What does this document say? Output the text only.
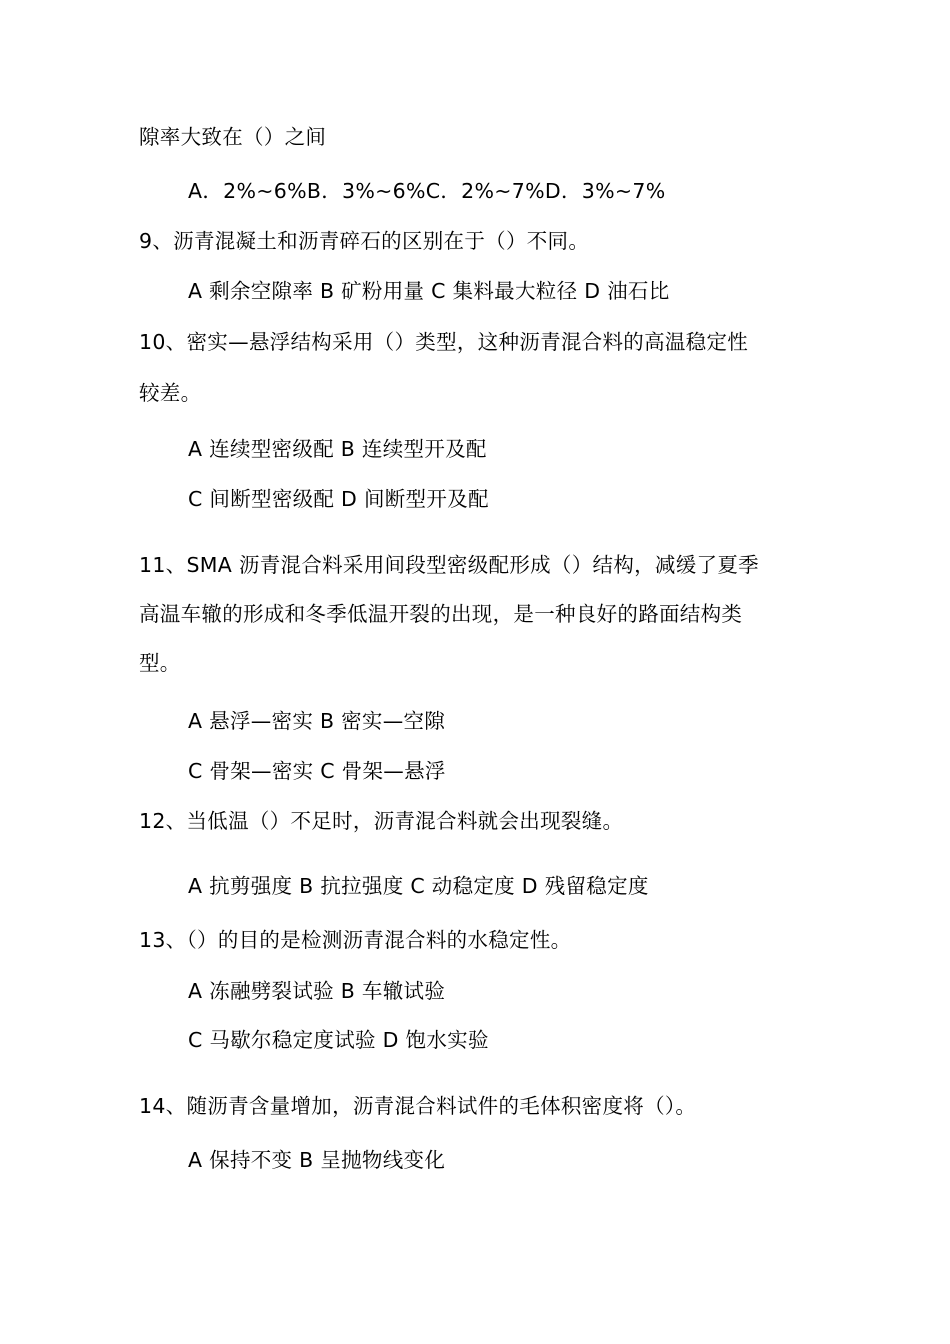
隙率大致在（）之间
A．2%~6%B．3%~6%C．2%~7%D．3%~7%
9、沥青混凝土和沥青碎石的区别在于（）不同。
A 剩余空隙率 B 矿粉用量 C 集料最大粒径 D 油石比
10、密实—悬浮结构采用（）类型，这种沥青混合料的高温稳定性
较差。
A 连续型密级配 B 连续型开及配
C 间断型密级配 D 间断型开及配
11、SMA 沥青混合料采用间段型密级配形成（）结构，减缓了夏季
高温车辙的形成和冬季低温开裂的出现，是一种良好的路面结构类
型。
A 悬浮—密实 B 密实—空隙
C 骨架—密实 C 骨架—悬浮
12、当低温（）不足时，沥青混合料就会出现裂缝。
A 抗剪强度 B 抗拉强度 C 动稳定度 D 残留稳定度
13、（）的目的是检测沥青混合料的水稳定性。
A 冻融劈裂试验 B 车辙试验
C 马歇尔稳定度试验 D 饱水实验
14、随沥青含量增加，沥青混合料试件的毛体积密度将（）。
A 保持不变 B 呈抛物线变化
